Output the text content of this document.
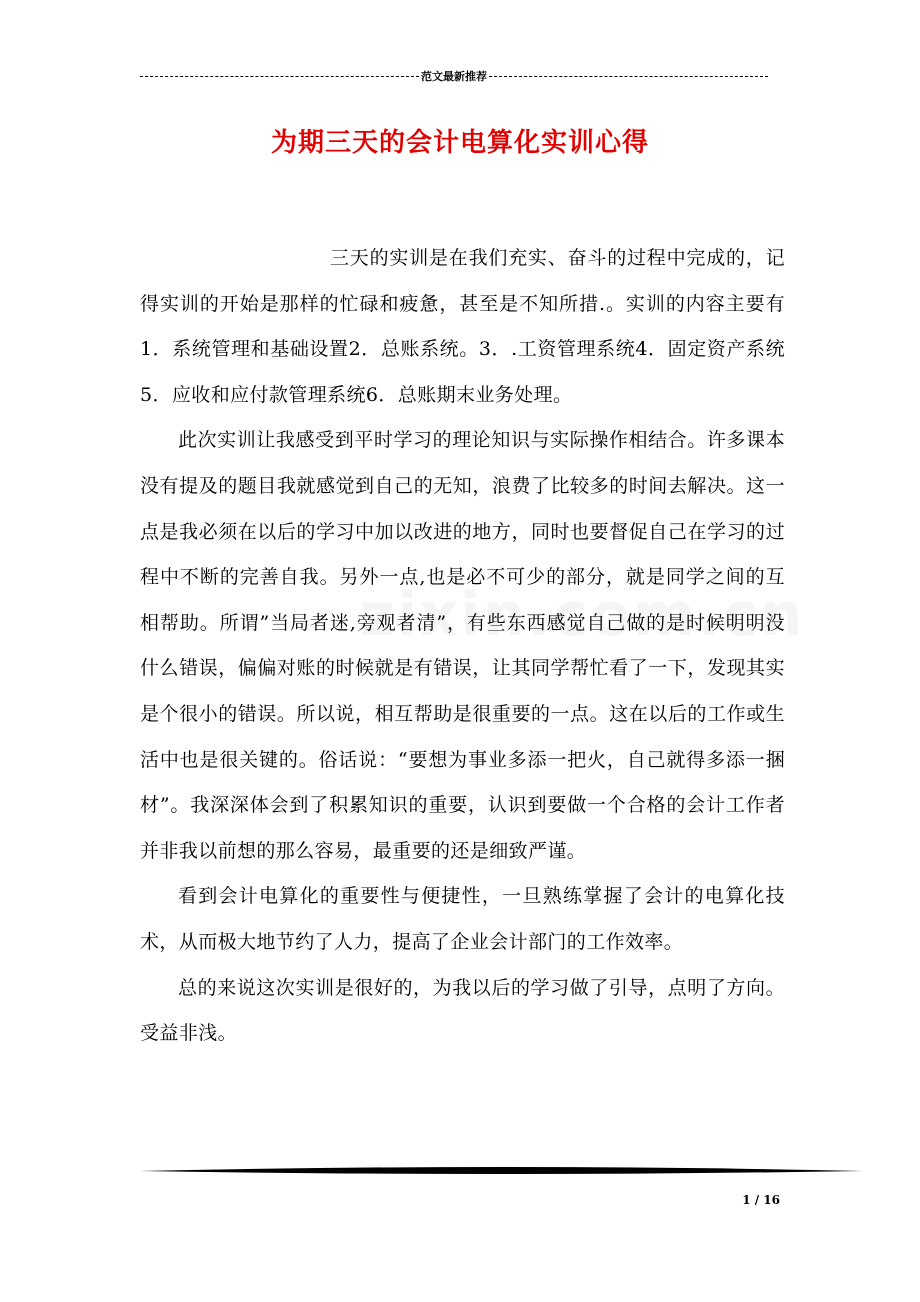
范文最新推荐
为期三天的会计电算化实训心得

三天的实训是在我们充实、奋斗的过程中完成的，记得实训的开始是那样的忙碌和疲惫，甚至是不知所措.。实训的内容主要有1．系统管理和基础设置2．总账系统。3．.工资管理系统4．固定资产系统5．应收和应付款管理系统6．总账期末业务处理。

此次实训让我感受到平时学习的理论知识与实际操作相结合。许多课本没有提及的题目我就感觉到自己的无知，浪费了比较多的时间去解决。这一点是我必须在以后的学习中加以改进的地方，同时也要督促自己在学习的过程中不断的完善自我。另外一点,也是必不可少的部分，就是同学之间的互相帮助。所谓”当局者迷,旁观者清”，有些东西感觉自己做的是时候明明没什么错误，偏偏对账的时候就是有错误，让其同学帮忙看了一下，发现其实是个很小的错误。所以说，相互帮助是很重要的一点。这在以后的工作或生活中也是很关键的。俗话说：“要想为事业多添一把火，自己就得多添一捆材”。我深深体会到了积累知识的重要，认识到要做一个合格的会计工作者并非我以前想的那么容易，最重要的还是细致严谨。

看到会计电算化的重要性与便捷性，一旦熟练掌握了会计的电算化技术，从而极大地节约了人力，提高了企业会计部门的工作效率。

总的来说这次实训是很好的，为我以后的学习做了引导，点明了方向。受益非浅。

1 / 16
